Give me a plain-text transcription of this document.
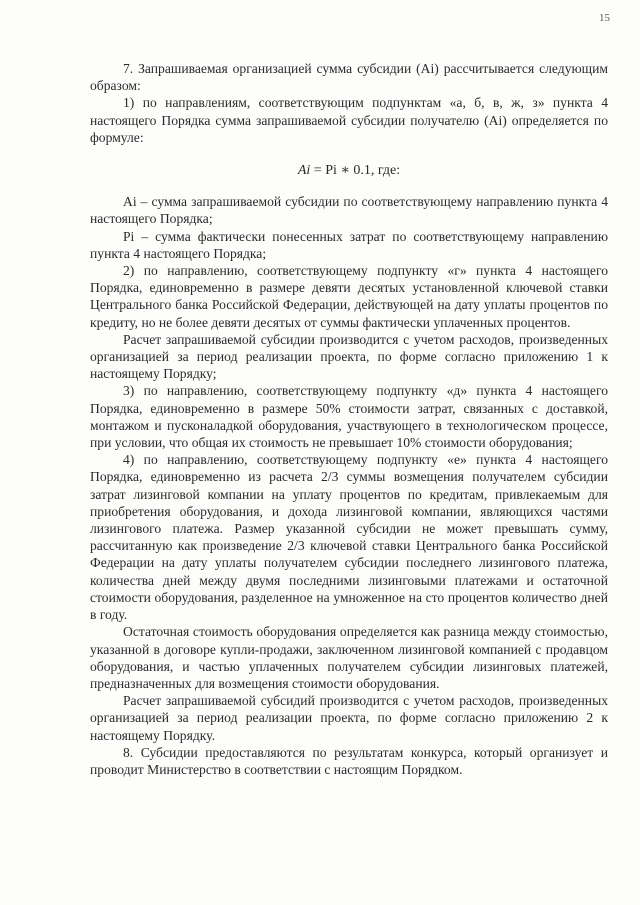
15

7. Запрашиваемая организацией сумма субсидии (Ai) рассчитывается следующим образом:

1) по направлениям, соответствующим подпунктам «а, б, в, ж, з» пункта 4 настоящего Порядка сумма запрашиваемой субсидии получателю (Ai) определяется по формуле:

Ai = Pi ∗ 0.1, где:

Ai – сумма запрашиваемой субсидии по соответствующему направлению пункта 4 настоящего Порядка;

Pi – сумма фактически понесенных затрат по соответствующему направлению пункта 4 настоящего Порядка;

2) по направлению, соответствующему подпункту «г» пункта 4 настоящего Порядка, единовременно в размере девяти десятых установленной ключевой ставки Центрального банка Российской Федерации, действующей на дату уплаты процентов по кредиту, но не более девяти десятых от суммы фактически уплаченных процентов.

Расчет запрашиваемой субсидии производится с учетом расходов, произведенных организацией за период реализации проекта, по форме согласно приложению 1 к настоящему Порядку;

3) по направлению, соответствующему подпункту «д» пункта 4 настоящего Порядка, единовременно в размере 50% стоимости затрат, связанных с доставкой, монтажом и пусконаладкой оборудования, участвующего в технологическом процессе, при условии, что общая их стоимость не превышает 10% стоимости оборудования;

4) по направлению, соответствующему подпункту «е» пункта 4 настоящего Порядка, единовременно из расчета 2/3 суммы возмещения получателем субсидии затрат лизинговой компании на уплату процентов по кредитам, привлекаемым для приобретения оборудования, и дохода лизинговой компании, являющихся частями лизингового платежа. Размер указанной субсидии не может превышать сумму, рассчитанную как произведение 2/3 ключевой ставки Центрального банка Российской Федерации на дату уплаты получателем субсидии последнего лизингового платежа, количества дней между двумя последними лизинговыми платежами и остаточной стоимости оборудования, разделенное на умноженное на сто процентов количество дней в году.

Остаточная стоимость оборудования определяется как разница между стоимостью, указанной в договоре купли-продажи, заключенном лизинговой компанией с продавцом оборудования, и частью уплаченных получателем субсидии лизинговых платежей, предназначенных для возмещения стоимости оборудования.

Расчет запрашиваемой субсидий производится с учетом расходов, произведенных организацией за период реализации проекта, по форме согласно приложению 2 к настоящему Порядку.

8. Субсидии предоставляются по результатам конкурса, который организует и проводит Министерство в соответствии с настоящим Порядком.
